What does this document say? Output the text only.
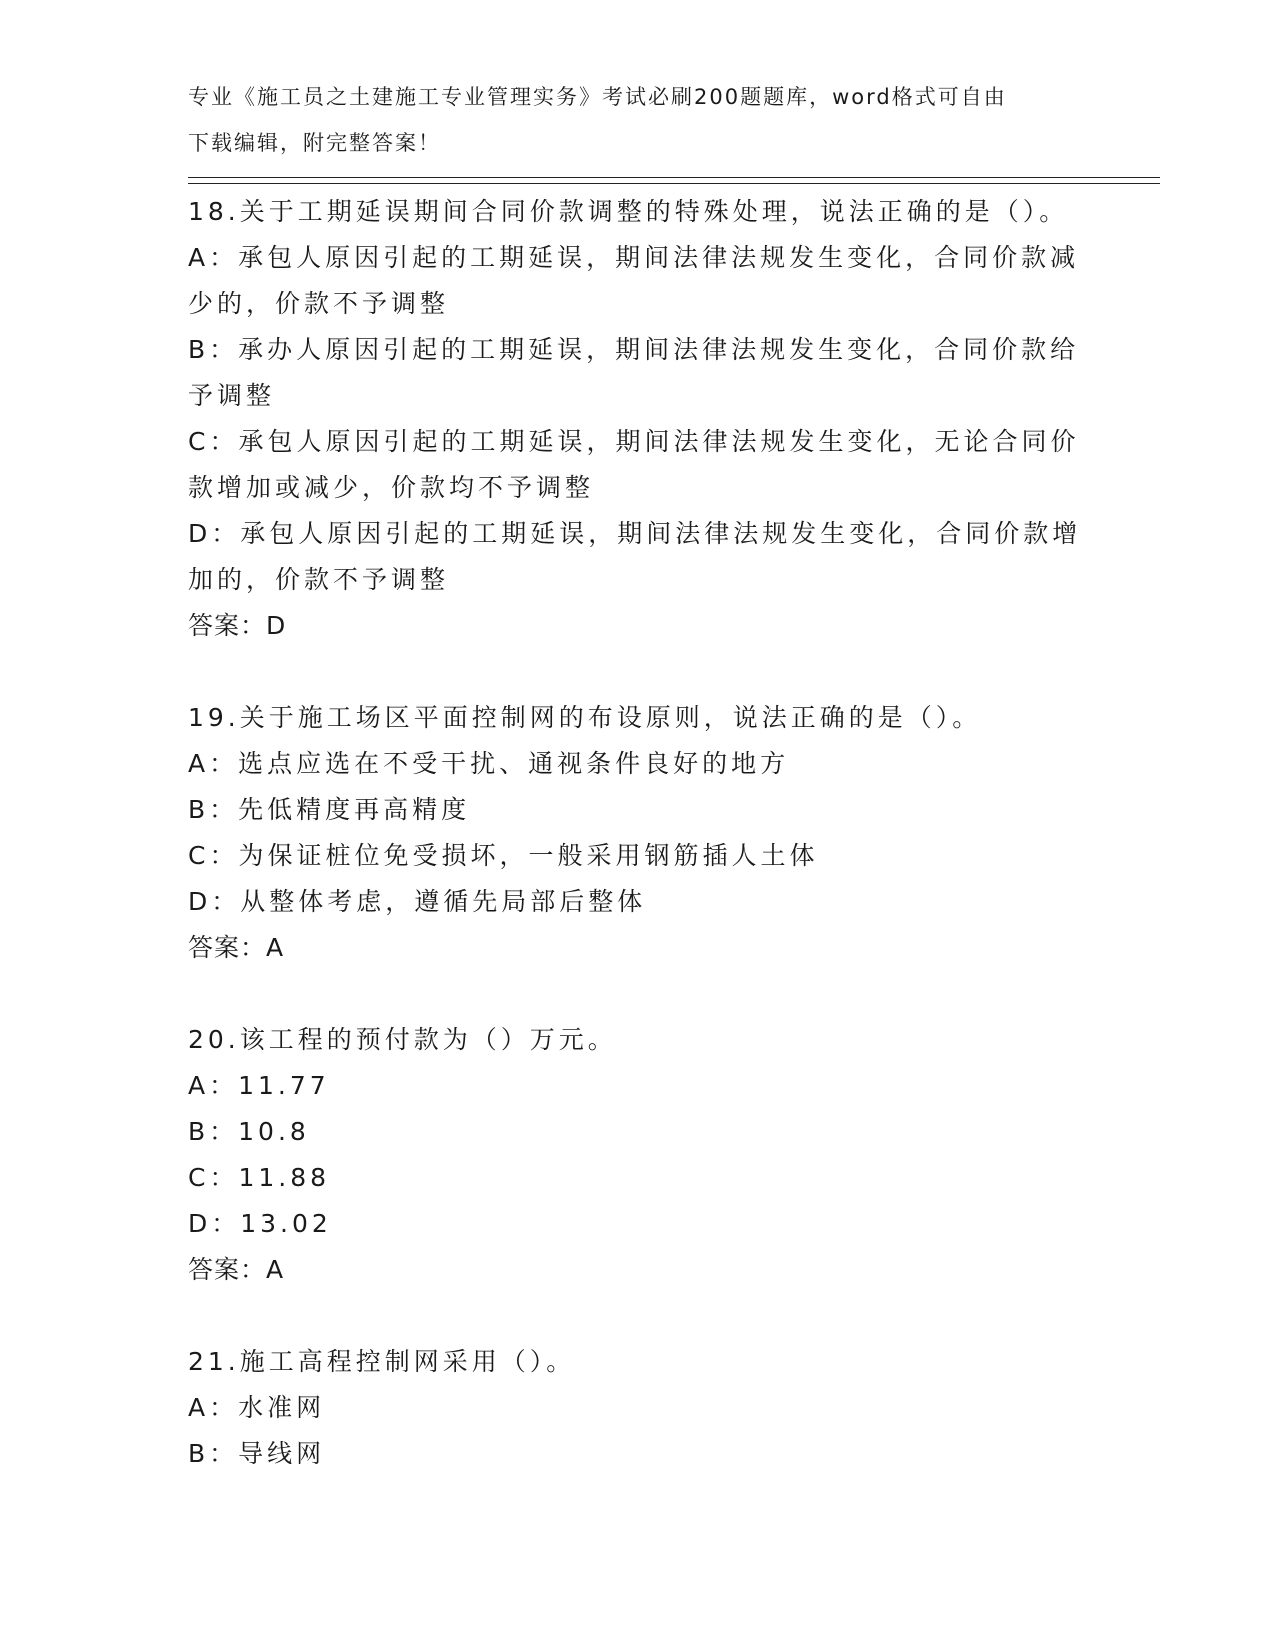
专业《施工员之土建施工专业管理实务》考试必刷200题题库，word格式可自由
下载编辑，附完整答案！
18.关于工期延误期间合同价款调整的特殊处理，说法正确的是（）。
A：承包人原因引起的工期延误，期间法律法规发生变化，合同价款减
少的，价款不予调整
B：承办人原因引起的工期延误，期间法律法规发生变化，合同价款给
予调整
C：承包人原因引起的工期延误，期间法律法规发生变化，无论合同价
款增加或减少，价款均不予调整
D：承包人原因引起的工期延误，期间法律法规发生变化，合同价款增
加的，价款不予调整
答案：D
19.关于施工场区平面控制网的布设原则，说法正确的是（）。
A：选点应选在不受干扰、通视条件良好的地方
B：先低精度再高精度
C：为保证桩位免受损坏，一般采用钢筋插人土体
D：从整体考虑，遵循先局部后整体
答案：A
20.该工程的预付款为（）万元。
A：11.77
B：10.8
C：11.88
D：13.02
答案：A
21.施工高程控制网采用（）。
A：水准网
B：导线网
